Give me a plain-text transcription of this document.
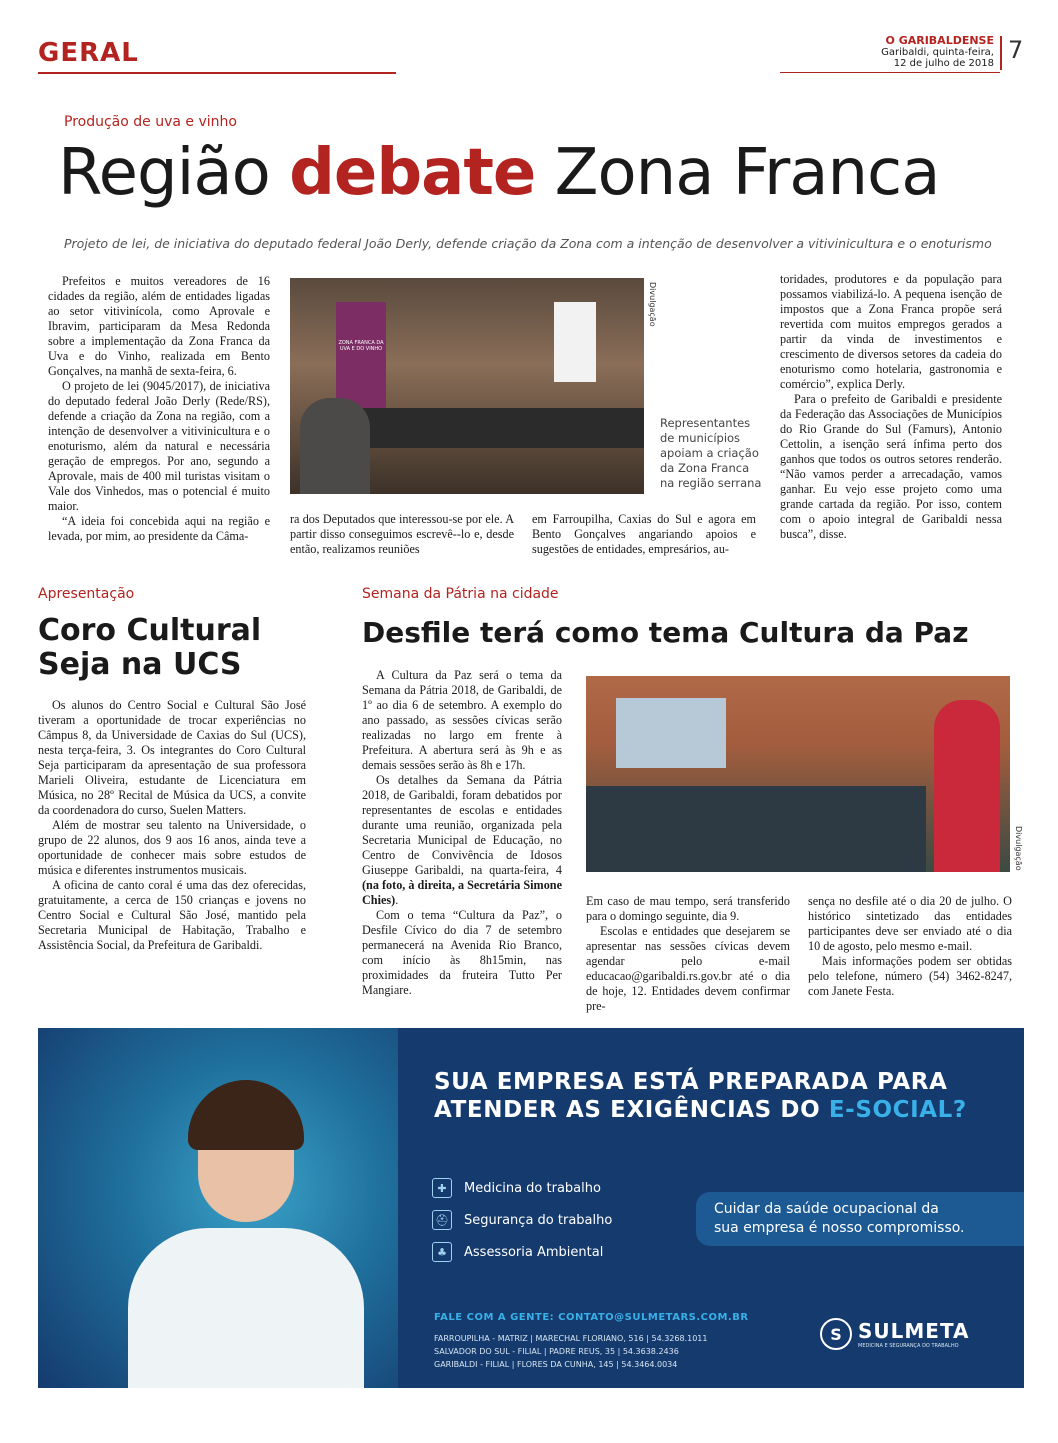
GERAL	O GARIBALDENSE
Garibaldi, quinta-feira,
12 de julho de 2018 7
Produção de uva e vinho
Região debate Zona Franca
Projeto de lei, de iniciativa do deputado federal João Derly, defende criação da Zona com a intenção de desenvolver a vitivinicultura e o enoturismo

Prefeitos e muitos vereadores de 16 cidades da região, além de entidades ligadas ao setor vitivinícola, como Aprovale e Ibravim, participaram da Mesa Redonda sobre a implementação da Zona Franca da Uva e do Vinho, realizada em Bento Gonçalves, na manhã de sexta-feira, 6.

O projeto de lei (9045/2017), de iniciativa do deputado federal João Derly (Rede/RS), defende a criação da Zona na região, com a intenção de desenvolver a vitivinicultura e o enoturismo, além da natural e necessária geração de empregos. Por ano, segundo a Aprovale, mais de 400 mil turistas visitam o Vale dos Vinhedos, mas o potencial é muito maior.

“A ideia foi concebida aqui na região e levada, por mim, ao presidente da Câma-

ZONA FRANCA DA
UVA E DO VINHO
Divulgação
Representantes de municípios apoiam a criação da Zona Franca na região serrana
ra dos Deputados que interessou-se por ele. A partir disso conseguimos escrevê--lo e, desde então, realizamos reuniões
em Farroupilha, Caxias do Sul e agora em Bento Gonçalves angariando apoios e sugestões de entidades, empresários, au-

toridades, produtores e da população para possamos viabilizá-lo. A pequena isenção de impostos que a Zona Franca propõe será revertida com muitos empregos gerados a partir da vinda de investimentos e crescimento de diversos setores da cadeia do enoturismo como hotelaria, gastronomia e comércio”, explica Derly.

Para o prefeito de Garibaldi e presidente da Federação das Associações de Municípios do Rio Grande do Sul (Famurs), Antonio Cettolin, a isenção será ínfima perto dos ganhos que todos os outros setores renderão. “Não vamos perder a arrecadação, vamos ganhar. Eu vejo esse projeto como uma grande cartada da região. Por isso, contem com o apoio integral de Garibaldi nessa busca”, disse.

Apresentação
Coro Cultural
Seja na UCS

Os alunos do Centro Social e Cultural São José tiveram a oportunidade de trocar experiências no Câmpus 8, da Universidade de Caxias do Sul (UCS), nesta terça-feira, 3. Os integrantes do Coro Cultural Seja participaram da apresentação de sua professora Marieli Oliveira, estudante de Licenciatura em Música, no 28º Recital de Música da UCS, a convite da coordenadora do curso, Suelen Matters.

Além de mostrar seu talento na Universidade, o grupo de 22 alunos, dos 9 aos 16 anos, ainda teve a oportunidade de conhecer mais sobre estudos de música e diferentes instrumentos musicais.

A oficina de canto coral é uma das dez oferecidas, gratuitamente, a cerca de 150 crianças e jovens no Centro Social e Cultural São José, mantido pela Secretaria Municipal de Habitação, Trabalho e Assistência Social, da Prefeitura de Garibaldi.

Semana da Pátria na cidade
Desfile terá como tema Cultura da Paz

A Cultura da Paz será o tema da Semana da Pátria 2018, de Garibaldi, de 1º ao dia 6 de setembro. A exemplo do ano passado, as sessões cívicas serão realizadas no largo em frente à Prefeitura. A abertura será às 9h e as demais sessões serão às 8h e 17h.

Os detalhes da Semana da Pátria 2018, de Garibaldi, foram debatidos por representantes de escolas e entidades durante uma reunião, organizada pela Secretaria Municipal de Educação, no Centro de Convivência de Idosos Giuseppe Garibaldi, na quarta-feira, 4 (na foto, à direita, a Secretária Simone Chies).

Com o tema “Cultura da Paz”, o Desfile Cívico do dia 7 de setembro permanecerá na Avenida Rio Branco, com início às 8h15min, nas proximidades da fruteira Tutto Per Mangiare.

Divulgação

Em caso de mau tempo, será transferido para o domingo seguinte, dia 9.

Escolas e entidades que desejarem se apresentar nas sessões cívicas devem agendar pelo e-mail educacao@garibaldi.rs.gov.br até o dia de hoje, 12. Entidades devem confirmar pre-

sença no desfile até o dia 20 de julho. O histórico sintetizado das entidades participantes deve ser enviado até o dia 10 de agosto, pelo mesmo e-mail.

Mais informações podem ser obtidas pelo telefone, número (54) 3462-8247, com Janete Festa.

SUA EMPRESA ESTÁ PREPARADA PARA
ATENDER AS EXIGÊNCIAS DO E-SOCIAL?
✚	Medicina do trabalho
⛑ Segurança do trabalho
♣	Assessoria Ambiental
Cuidar da saúde ocupacional da
sua empresa é nosso compromisso.
FALE COM A GENTE: CONTATO@SULMETARS.COM.BR
FARROUPILHA - MATRIZ | MARECHAL FLORIANO, 516 | 54.3268.1011
SALVADOR DO SUL - FILIAL | PADRE REUS, 35 | 54.3638.2436
GARIBALDI - FILIAL | FLORES DA CUNHA, 145 | 54.3464.0034
S SULMETA
MEDICINA E SEGURANÇA DO TRABALHO
